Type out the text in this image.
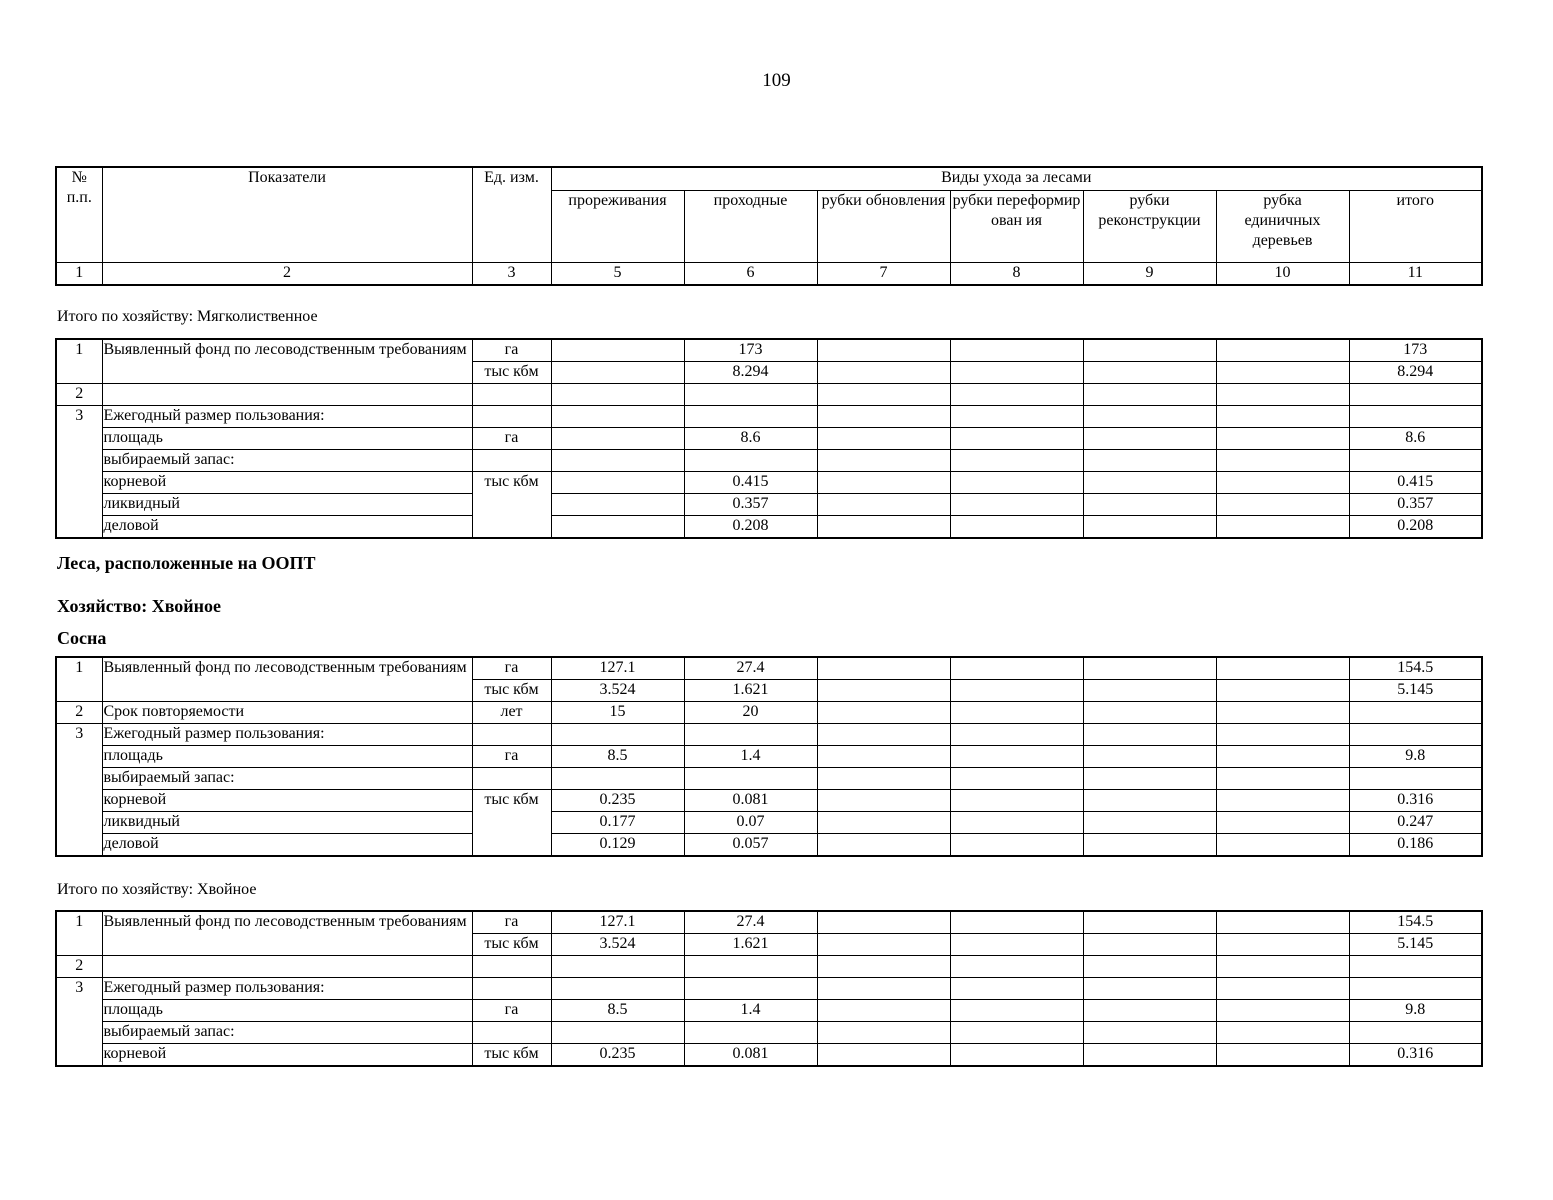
109
№ п.п.	Показатели	Ед. изм.	Виды ухода за лесами						
			прореживания	проходные	рубки обновления	рубки переформирован ия	рубки реконструкции	рубка единичных деревьев	итого
1	2	3	5	6	7	8	9	10	11
Итого по хозяйству: Мягколиственное
1	Выявленный фонд по лесоводственным требованиям	га		173					173
		тыс кбм		8.294					8.294
2									
3	Ежегодный размер пользования:								
	площадь	га		8.6					8.6
	выбираемый запас:								
	корневой	тыс кбм		0.415					0.415
	ликвидный			0.357					0.357
	деловой			0.208					0.208
Леса, расположенные на ООПТ
Хозяйство: Хвойное
Сосна
1	Выявленный фонд по лесоводственным требованиям	га	127.1	27.4					154.5
		тыс кбм	3.524	1.621					5.145
2	Срок повторяемости	лет	15	20					
3	Ежегодный размер пользования:								
	площадь	га	8.5	1.4					9.8
	выбираемый запас:								
	корневой	тыс кбм	0.235	0.081					0.316
	ликвидный		0.177	0.07					0.247
	деловой		0.129	0.057					0.186
Итого по хозяйству: Хвойное
1	Выявленный фонд по лесоводственным требованиям	га	127.1	27.4					154.5
		тыс кбм	3.524	1.621					5.145
2									
3	Ежегодный размер пользования:								
	площадь	га	8.5	1.4					9.8
	выбираемый запас:								
	корневой	тыс кбм	0.235	0.081					0.316
